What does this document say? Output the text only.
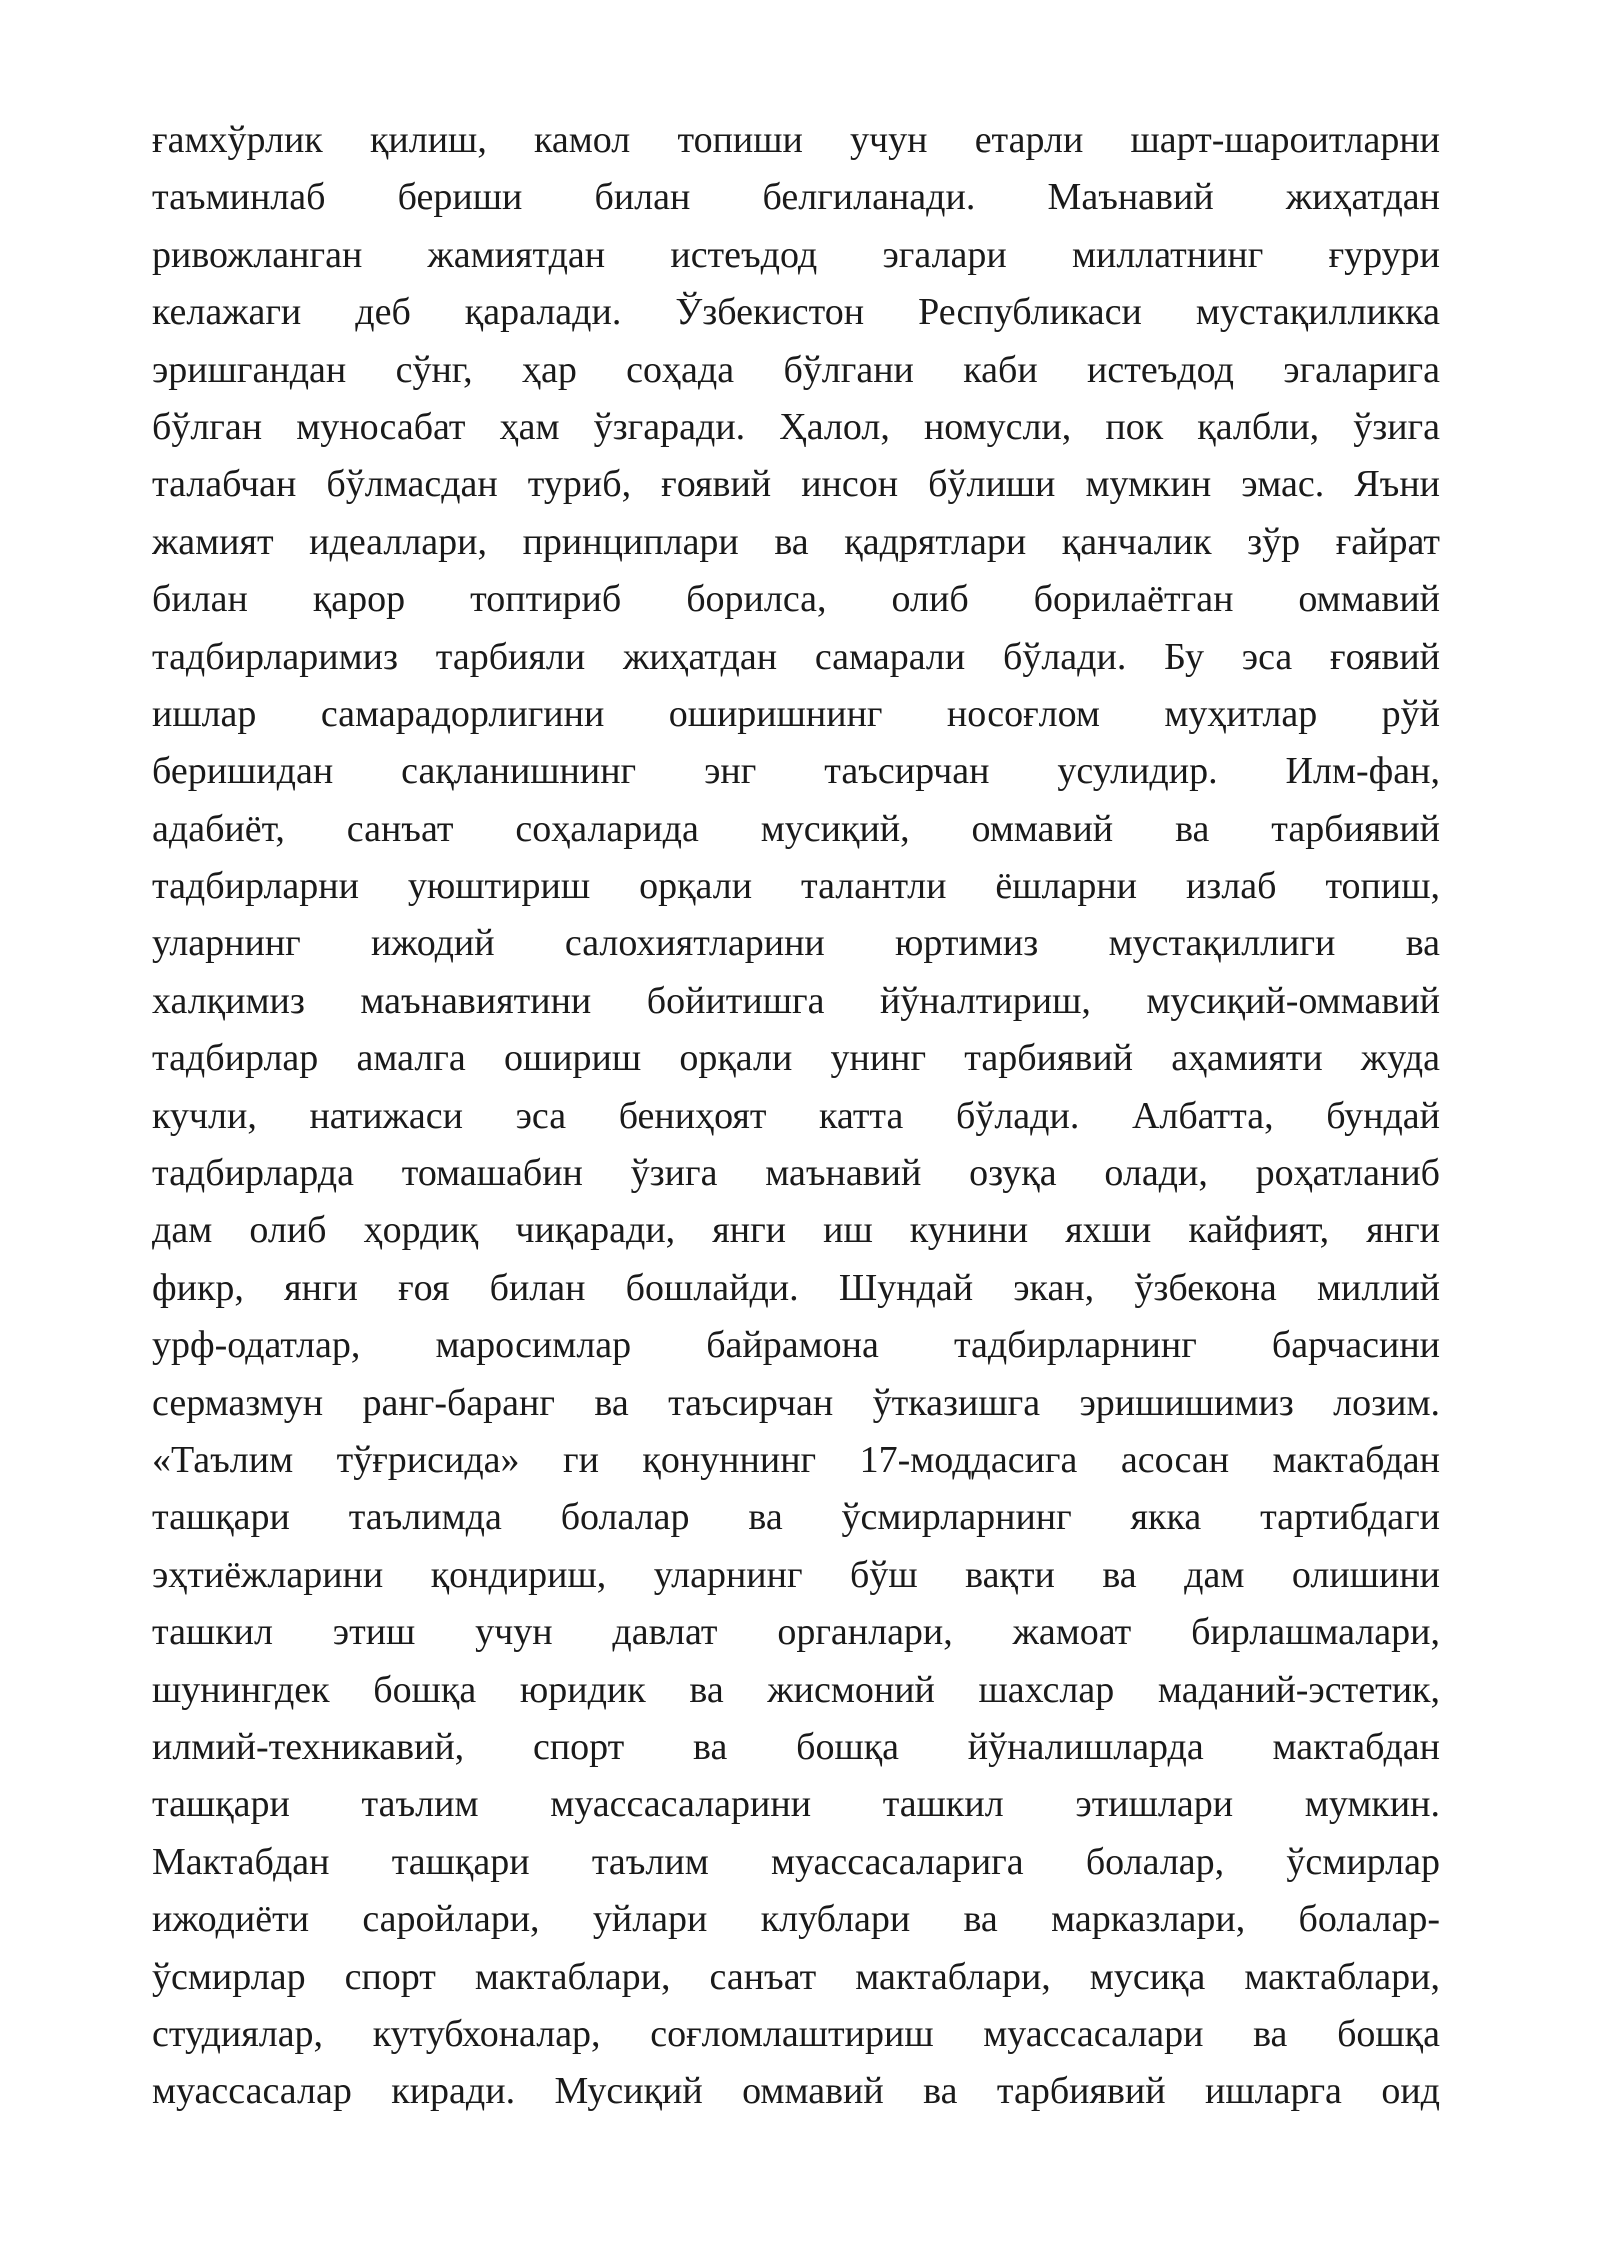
ғамхўрлик қилиш, камол топиши учун етарли шарт-шароитларни
таъминлаб бериши билан белгиланади. Маънавий жиҳатдан
ривожланган жамиятдан истеъдод эгалари миллатнинг ғурури
келажаги деб қаралади. Ўзбекистон Республикаси мустақилликка
эришгандан сўнг, ҳар соҳада бўлгани каби истеъдод эгаларига
бўлган муносабат ҳам ўзгаради. Ҳалол, номусли, пок қалбли, ўзига
талабчан бўлмасдан туриб, ғоявий инсон бўлиши мумкин эмас. Яъни
жамият идеаллари, принциплари ва қадрятлари қанчалик зўр ғайрат
билан қарор топтириб борилса, олиб борилаётган оммавий
тадбирларимиз тарбияли жиҳатдан самарали бўлади. Бу эса ғоявий
ишлар самарадорлигини оширишнинг носоғлом муҳитлар рўй
беришидан сақланишнинг энг таъсирчан усулидир. Илм-фан,
адабиёт, санъат соҳаларида мусиқий, оммавий ва тарбиявий
тадбирларни уюштириш орқали талантли ёшларни излаб топиш,
уларнинг ижодий салохиятларини юртимиз мустақиллиги ва
халқимиз маънавиятини бойитишга йўналтириш, мусиқий-оммавий
тадбирлар амалга ошириш орқали унинг тарбиявий аҳамияти жуда
кучли, натижаси эса бениҳоят катта бўлади. Албатта, бундай
тадбирларда томашабин ўзига маънавий озуқа олади, роҳатланиб
дам олиб ҳордиқ чиқаради, янги иш кунини яхши кайфият, янги
фикр, янги ғоя билан бошлайди. Шундай экан, ўзбекона миллий
урф-одатлар, маросимлар байрамона тадбирларнинг барчасини
сермазмун ранг-баранг ва таъсирчан ўтказишга эришишимиз лозим.
«Таълим тўғрисида» ги қонуннинг 17-моддасига асосан мактабдан
ташқари таълимда болалар ва ўсмирларнинг якка тартибдаги
эҳтиёжларини қондириш, уларнинг бўш вақти ва дам олишини
ташкил этиш учун давлат органлари, жамоат бирлашмалари,
шунингдек бошқа юридик ва жисмоний шахслар маданий-эстетик,
илмий-техникавий, спорт ва бошқа йўналишларда мактабдан
ташқари таълим муассасаларини ташкил этишлари мумкин.
Мактабдан ташқари таълим муассасаларига болалар, ўсмирлар
ижодиёти саройлари, уйлари клублари ва марказлари, болалар-
ўсмирлар спорт мактаблари, санъат мактаблари, мусиқа мактаблари,
студиялар, кутубхоналар, соғломлаштириш муассасалари ва бошқа
муассасалар киради. Мусиқий оммавий ва тарбиявий ишларга оид
